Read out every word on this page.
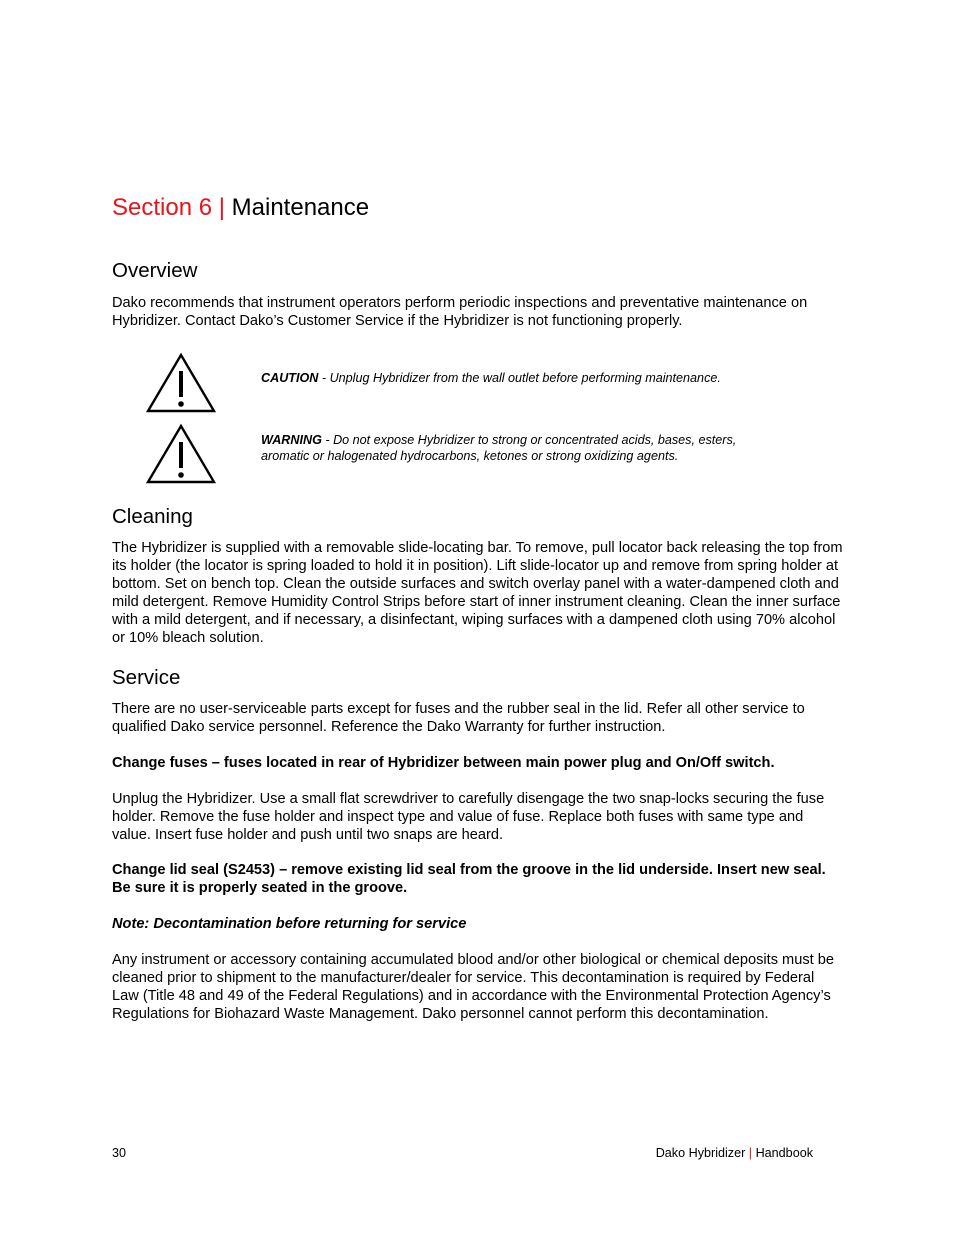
Section 6 | Maintenance
Overview

Dako recommends that instrument operators perform periodic inspections and preventative maintenance on Hybridizer. Contact Dako’s Customer Service if the Hybridizer is not functioning properly.

CAUTION - Unplug Hybridizer from the wall outlet before performing maintenance.
WARNING - Do not expose Hybridizer to strong or concentrated acids, bases, esters, aromatic or halogenated hydrocarbons, ketones or strong oxidizing agents.
Cleaning

The Hybridizer is supplied with a removable slide-locating bar. To remove, pull locator back releasing the top from its holder (the locator is spring loaded to hold it in position). Lift slide-locator up and remove from spring holder at bottom. Set on bench top. Clean the outside surfaces and switch overlay panel with a water-dampened cloth and mild detergent. Remove Humidity Control Strips before start of inner instrument cleaning. Clean the inner surface with a mild detergent, and if necessary, a disinfectant, wiping surfaces with a dampened cloth using 70% alcohol or 10% bleach solution.

Service

There are no user-serviceable parts except for fuses and the rubber seal in the lid. Refer all other service to qualified Dako service personnel. Reference the Dako Warranty for further instruction.

Change fuses – fuses located in rear of Hybridizer between main power plug and On/Off switch.

Unplug the Hybridizer. Use a small flat screwdriver to carefully disengage the two snap-locks securing the fuse holder. Remove the fuse holder and inspect type and value of fuse. Replace both fuses with same type and value. Insert fuse holder and push until two snaps are heard.

Change lid seal (S2453) – remove existing lid seal from the groove in the lid underside. Insert new seal. Be sure it is properly seated in the groove.

Note: Decontamination before returning for service

Any instrument or accessory containing accumulated blood and/or other biological or chemical deposits must be cleaned prior to shipment to the manufacturer/dealer for service. This decontamination is required by Federal Law (Title 48 and 49 of the Federal Regulations) and in accordance with the Environmental Protection Agency’s Regulations for Biohazard Waste Management. Dako personnel cannot perform this decontamination.

30	Dako Hybridizer | Handbook
